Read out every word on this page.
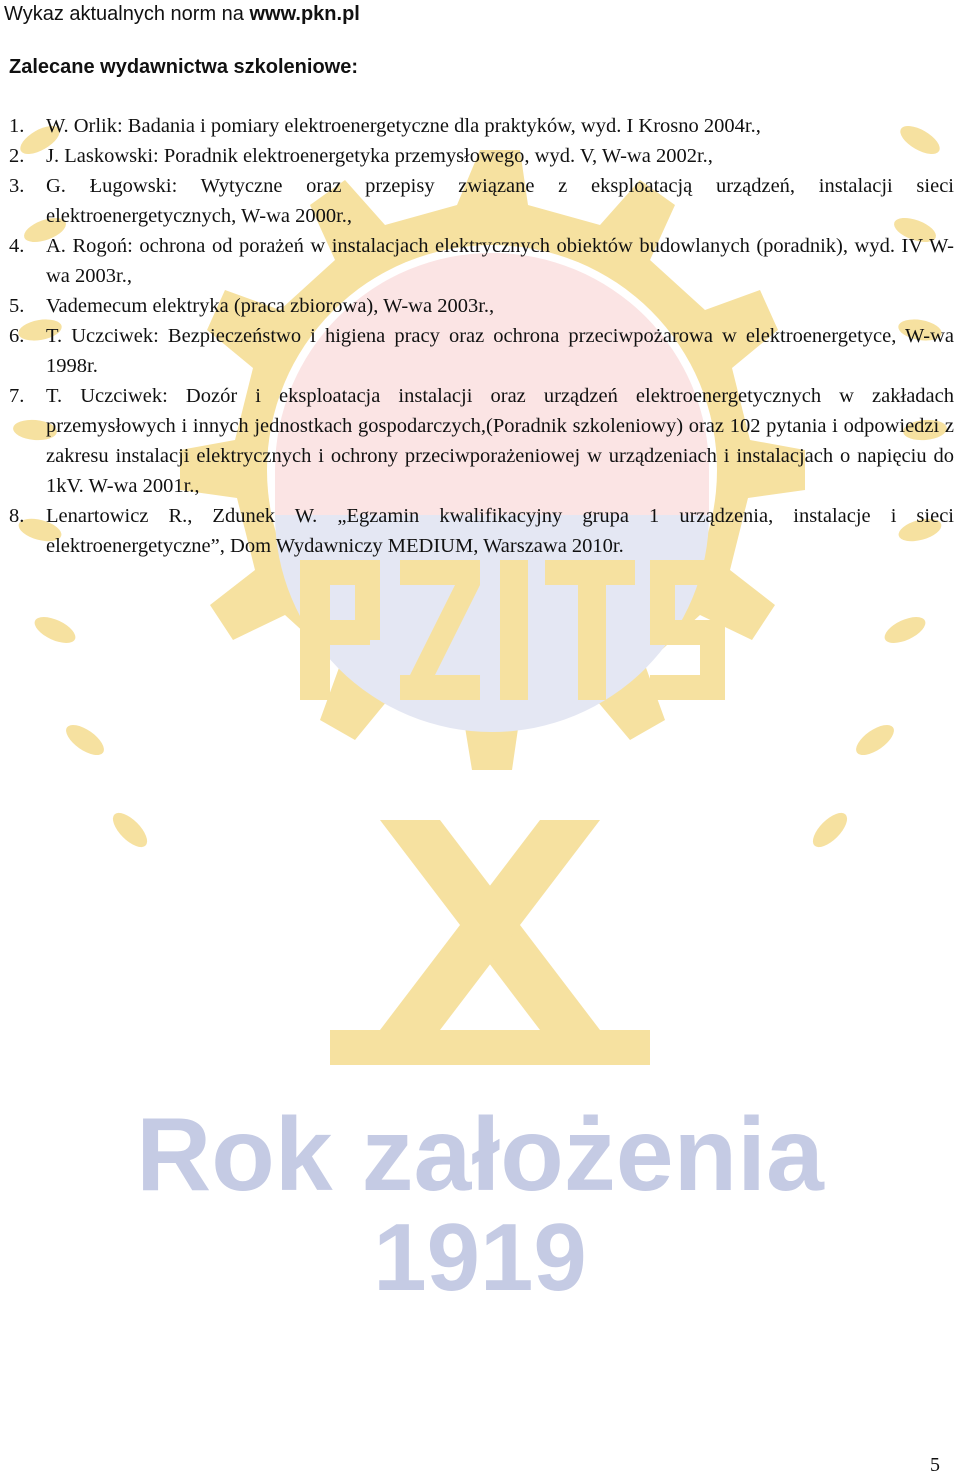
Rok założenia
1919
Wykaz aktualnych norm na www.pkn.pl
Zalecane wydawnictwa szkoleniowe:
1.	W. Orlik: Badania i pomiary elektroenergetyczne dla praktyków, wyd. I Krosno 2004r.,
2.	J. Laskowski: Poradnik elektroenergetyka przemysłowego, wyd. V, W-wa 2002r.,
3.	G. Ługowski: Wytyczne oraz przepisy związane z eksploatacją urządzeń, instalacji sieci elektroenergetycznych, W-wa 2000r.,
4.	A. Rogoń: ochrona od porażeń w instalacjach elektrycznych obiektów budowlanych (poradnik), wyd. IV W-wa 2003r.,
5.	Vademecum elektryka (praca zbiorowa), W-wa 2003r.,
6.	T. Uczciwek: Bezpieczeństwo i higiena pracy oraz ochrona przeciwpożarowa w elektroenergetyce, W-wa 1998r.
7.	T. Uczciwek: Dozór i eksploatacja instalacji oraz urządzeń elektroenergetycznych w zakładach przemysłowych i innych jednostkach gospodarczych,(Poradnik szkoleniowy) oraz 102 pytania i odpowiedzi z zakresu instalacji elektrycznych i ochrony przeciwporażeniowej w urządzeniach i instalacjach o napięciu do 1kV. W-wa 2001r.,
8.	Lenartowicz R., Zdunek W. „Egzamin kwalifikacyjny grupa 1 urządzenia, instalacje i sieci elektroenergetyczne”, Dom Wydawniczy MEDIUM, Warszawa 2010r.
5
